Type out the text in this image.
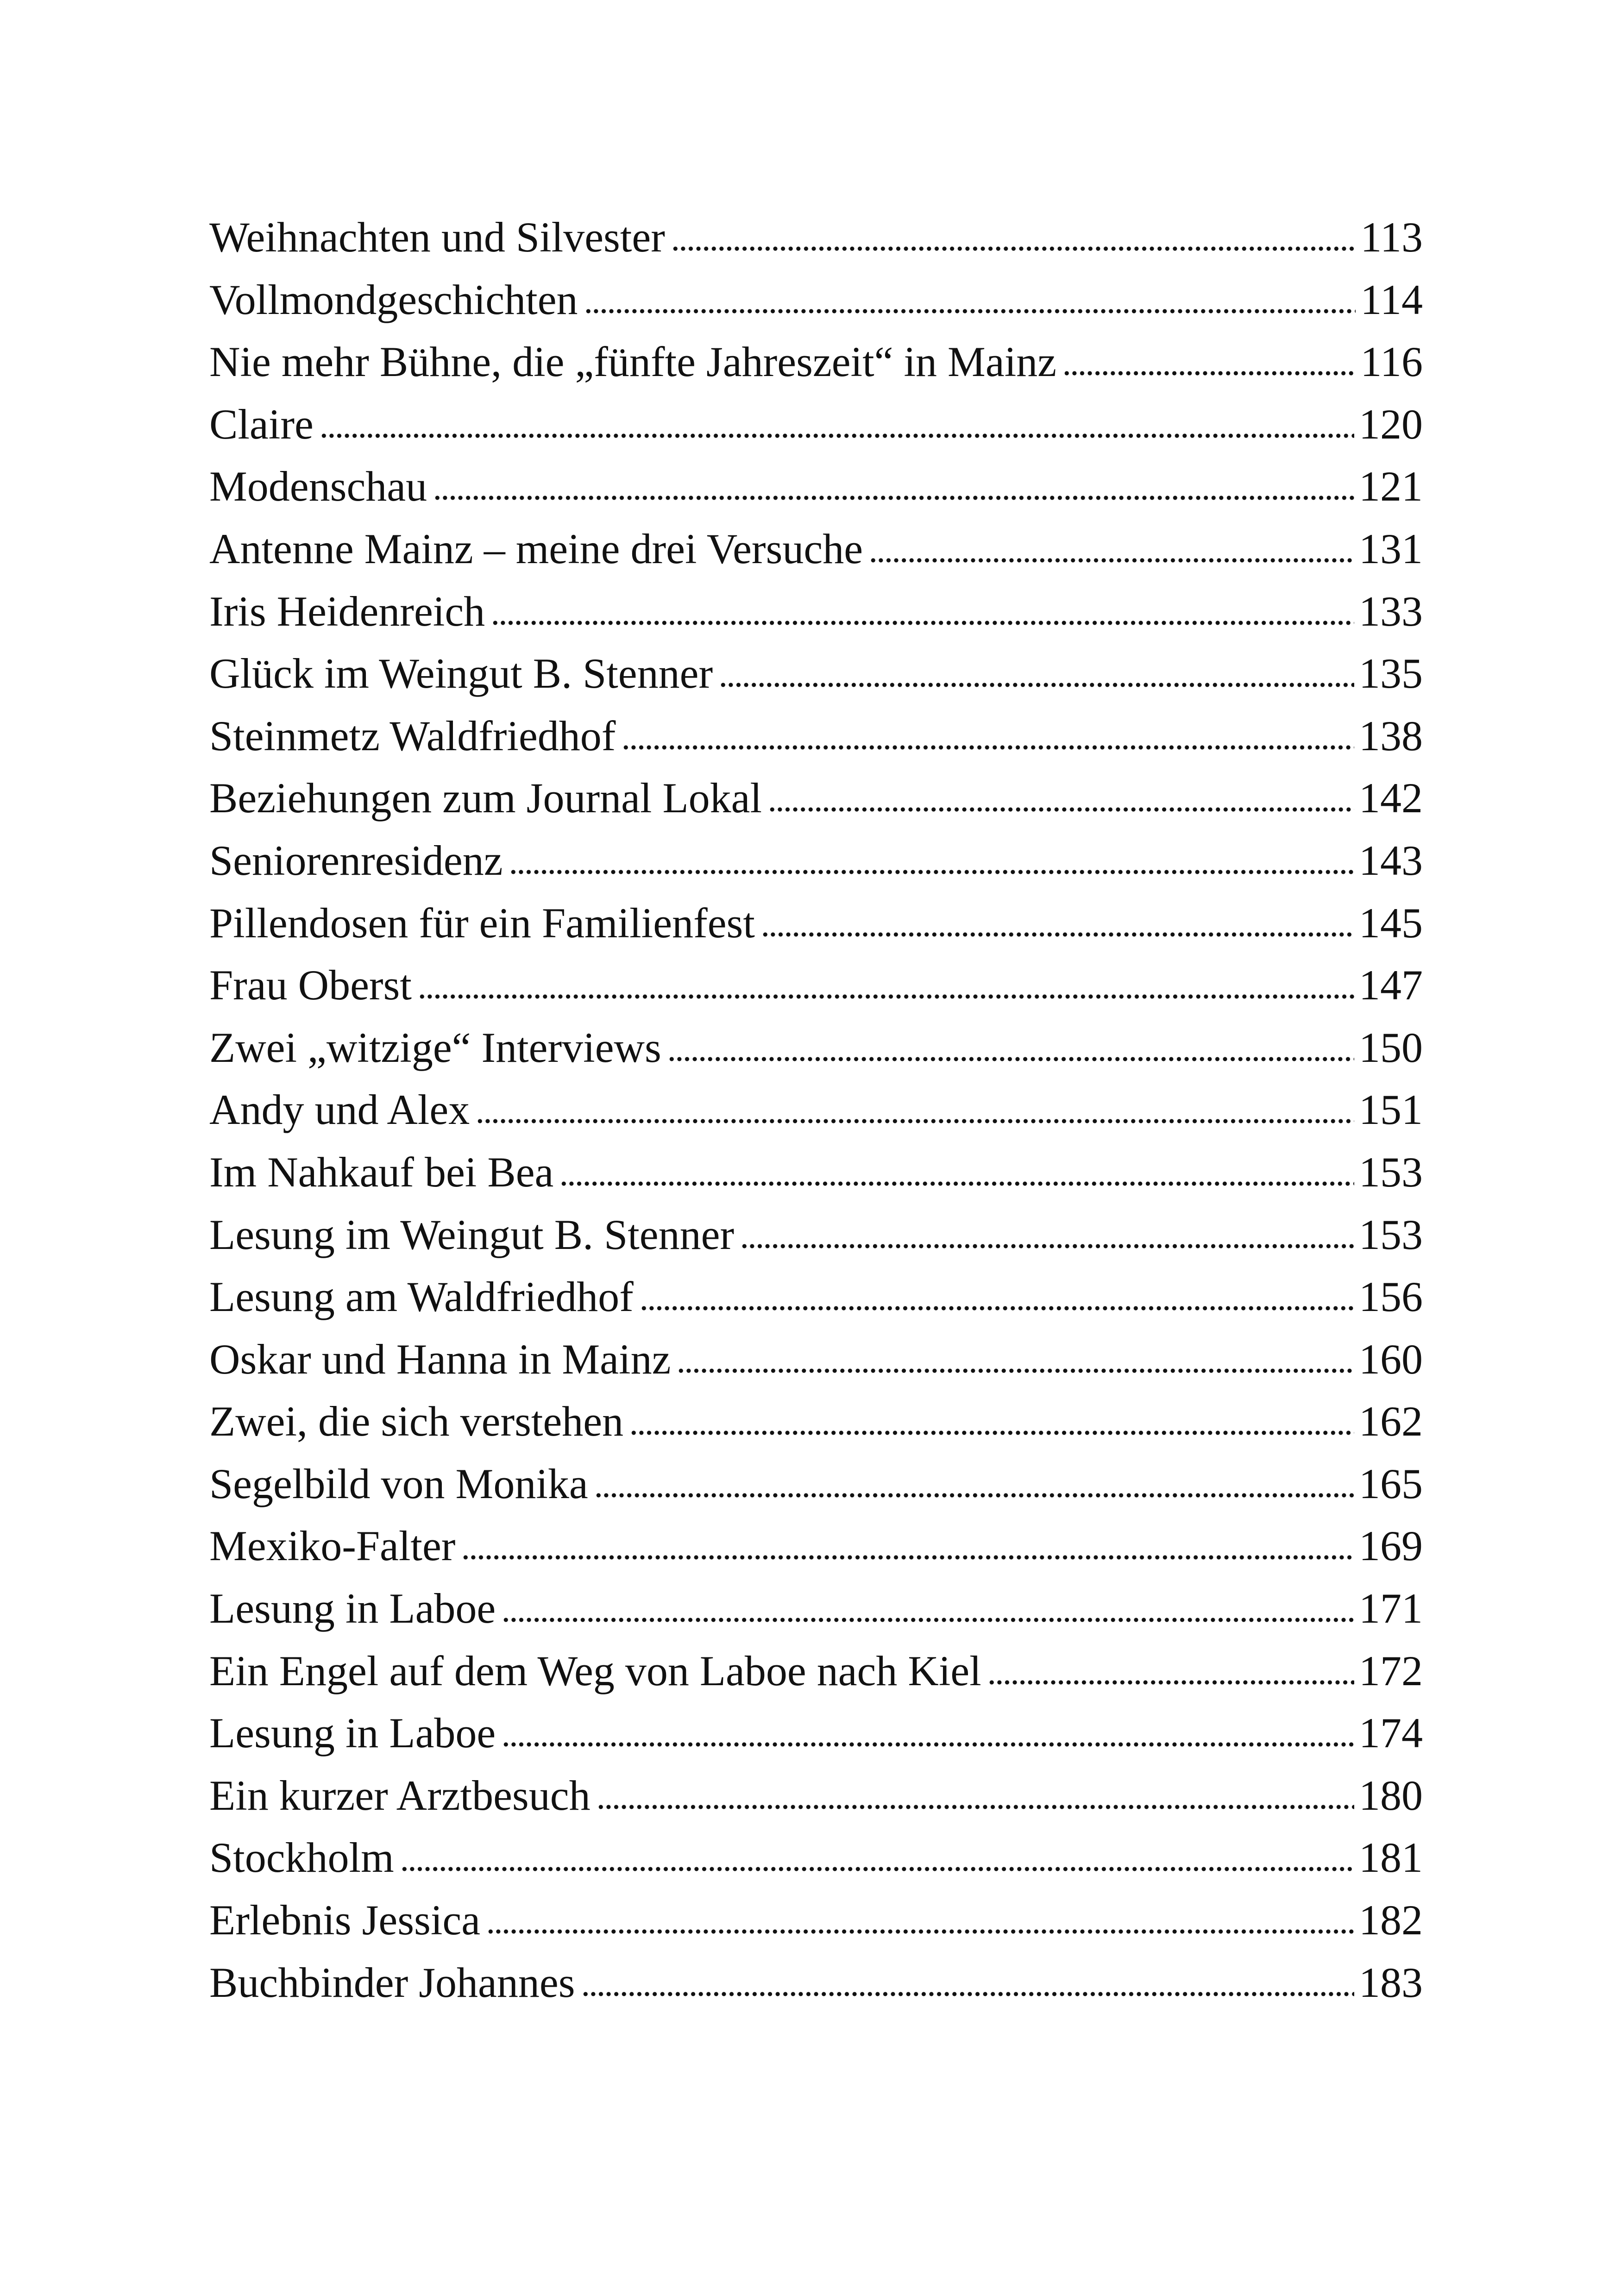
Weihnachten und Silvester	113
Vollmondgeschichten	114
Nie mehr Bühne, die „fünfte Jahreszeit“ in Mainz	116
Claire	120
Modenschau	121
Antenne Mainz – meine drei Versuche	131
Iris Heidenreich	133
Glück im Weingut B. Stenner	135
Steinmetz Waldfriedhof	138
Beziehungen zum Journal Lokal	142
Seniorenresidenz	143
Pillendosen für ein Familienfest	145
Frau Oberst	147
Zwei „witzige“ Interviews	150
Andy und Alex	151
Im Nahkauf bei Bea	153
Lesung im Weingut B. Stenner	153
Lesung am Waldfriedhof	156
Oskar und Hanna in Mainz	160
Zwei, die sich verstehen	162
Segelbild von Monika	165
Mexiko-Falter	169
Lesung in Laboe	171
Ein Engel auf dem Weg von Laboe nach Kiel	172
Lesung in Laboe	174
Ein kurzer Arztbesuch	180
Stockholm	181
Erlebnis Jessica	182
Buchbinder Johannes	183
